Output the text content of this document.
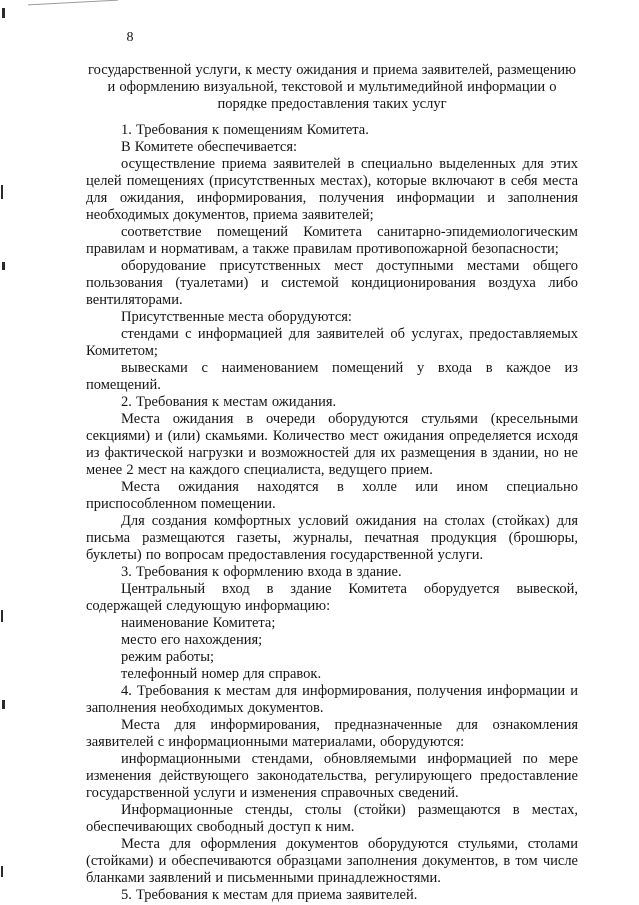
8

государственной услуги, к месту ожидания и приема заявителей, размещению и оформлению визуальной, текстовой и мультимедийной информации о порядке предоставления таких услуг

1. Требования к помещениям Комитета.

В Комитете обеспечивается:

осуществление приема заявителей в специально выделенных для этих целей помещениях (присутственных местах), которые включают в себя места для ожидания, информирования, получения информации и заполнения необходимых документов, приема заявителей;

соответствие помещений Комитета санитарно-эпидемиологическим правилам и нормативам, а также правилам противопожарной безопасности;

оборудование присутственных мест доступными местами общего пользования (туалетами) и системой кондиционирования воздуха либо вентиляторами.

Присутственные места оборудуются:

стендами с информацией для заявителей об услугах, предоставляемых Комитетом;

вывесками с наименованием помещений у входа в каждое из помещений.

2. Требования к местам ожидания.

Места ожидания в очереди оборудуются стульями (кресельными секциями) и (или) скамьями. Количество мест ожидания определяется исходя из фактической нагрузки и возможностей для их размещения в здании, но не менее 2 мест на каждого специалиста, ведущего прием.

Места ожидания находятся в холле или ином специально приспособленном помещении.

Для создания комфортных условий ожидания на столах (стойках) для письма размещаются газеты, журналы, печатная продукция (брошюры, буклеты) по вопросам предоставления государственной услуги.

3. Требования к оформлению входа в здание.

Центральный вход в здание Комитета оборудуется вывеской, содержащей следующую информацию:

наименование Комитета;

место его нахождения;

режим работы;

телефонный номер для справок.

4. Требования к местам для информирования, получения информации и заполнения необходимых документов.

Места для информирования, предназначенные для ознакомления заявителей с информационными материалами, оборудуются:

информационными стендами, обновляемыми информацией по мере изменения действующего законодательства, регулирующего предоставление государственной услуги и изменения справочных сведений.

Информационные стенды, столы (стойки) размещаются в местах, обеспечивающих свободный доступ к ним.

Места для оформления документов оборудуются стульями, столами (стойками) и обеспечиваются образцами заполнения документов, в том числе бланками заявлений и письменными принадлежностями.

5. Требования к местам для приема заявителей.
